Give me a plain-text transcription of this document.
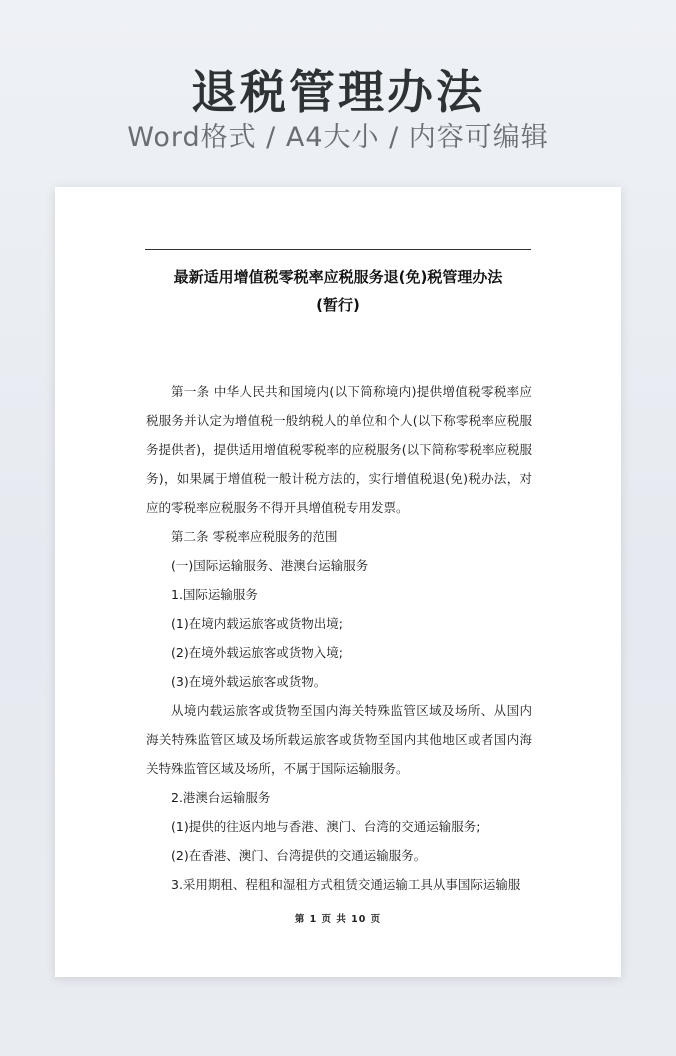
退税管理办法
Word格式 / A4大小 / 内容可编辑
最新适用增值税零税率应税服务退(免)税管理办法
(暂行)

第一条 中华人民共和国境内(以下简称境内)提供增值税零税率应税服务并认定为增值税一般纳税人的单位和个人(以下称零税率应税服务提供者)，提供适用增值税零税率的应税服务(以下简称零税率应税服务)，如果属于增值税一般计税方法的，实行增值税退(免)税办法，对应的零税率应税服务不得开具增值税专用发票。

第二条 零税率应税服务的范围

(一)国际运输服务、港澳台运输服务

1.国际运输服务

(1)在境内载运旅客或货物出境;

(2)在境外载运旅客或货物入境;

(3)在境外载运旅客或货物。

从境内载运旅客或货物至国内海关特殊监管区域及场所、从国内海关特殊监管区域及场所载运旅客或货物至国内其他地区或者国内海关特殊监管区域及场所，不属于国际运输服务。

2.港澳台运输服务

(1)提供的往返内地与香港、澳门、台湾的交通运输服务;

(2)在香港、澳门、台湾提供的交通运输服务。

3.采用期租、程租和湿租方式租赁交通运输工具从事国际运输服

第 1 页 共 10 页
